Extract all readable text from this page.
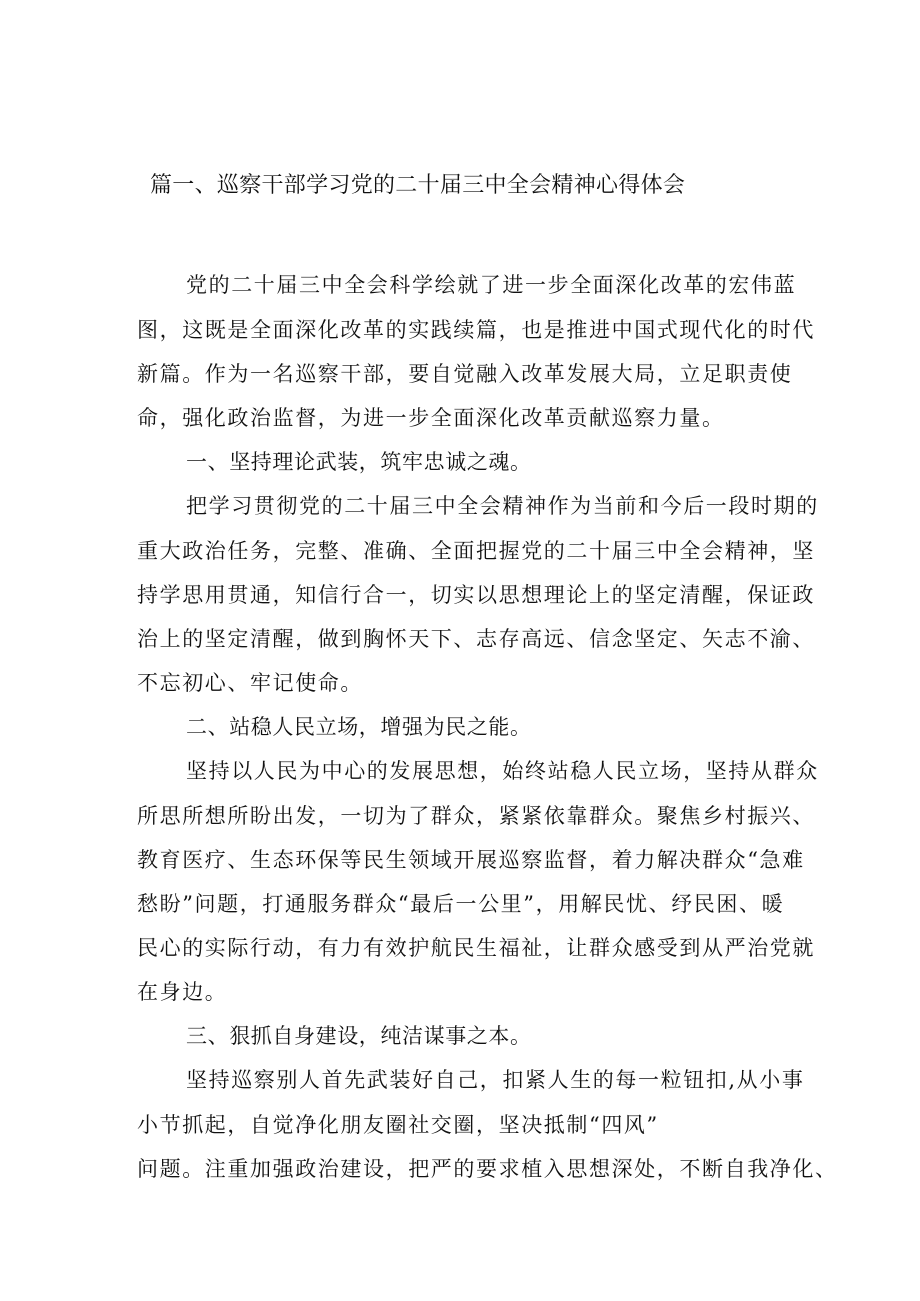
篇一、巡察干部学习党的二十届三中全会精神心得体会
党的二十届三中全会科学绘就了进一步全面深化改革的宏伟蓝
图，这既是全面深化改革的实践续篇，也是推进中国式现代化的时代
新篇。作为一名巡察干部，要自觉融入改革发展大局，立足职责使
命，强化政治监督，为进一步全面深化改革贡献巡察力量。
一、坚持理论武装，筑牢忠诚之魂。
把学习贯彻党的二十届三中全会精神作为当前和今后一段时期的
重大政治任务，完整、准确、全面把握党的二十届三中全会精神，坚
持学思用贯通，知信行合一，切实以思想理论上的坚定清醒，保证政
治上的坚定清醒，做到胸怀天下、志存高远、信念坚定、矢志不渝、
不忘初心、牢记使命。
二、站稳人民立场，增强为民之能。
坚持以人民为中心的发展思想，始终站稳人民立场，坚持从群众
所思所想所盼出发，一切为了群众，紧紧依靠群众。聚焦乡村振兴、
教育医疗、生态环保等民生领域开展巡察监督，着力解决群众“急难
愁盼”问题，打通服务群众“最后一公里”，用解民忧、纾民困、暖
民心的实际行动，有力有效护航民生福祉，让群众感受到从严治党就
在身边。
三、狠抓自身建设，纯洁谋事之本。
坚持巡察别人首先武装好自己，扣紧人生的每一粒钮扣,从小事
小节抓起，自觉净化朋友圈社交圈，坚决抵制“四风”
问题。注重加强政治建设，把严的要求植入思想深处，不断自我净化、
